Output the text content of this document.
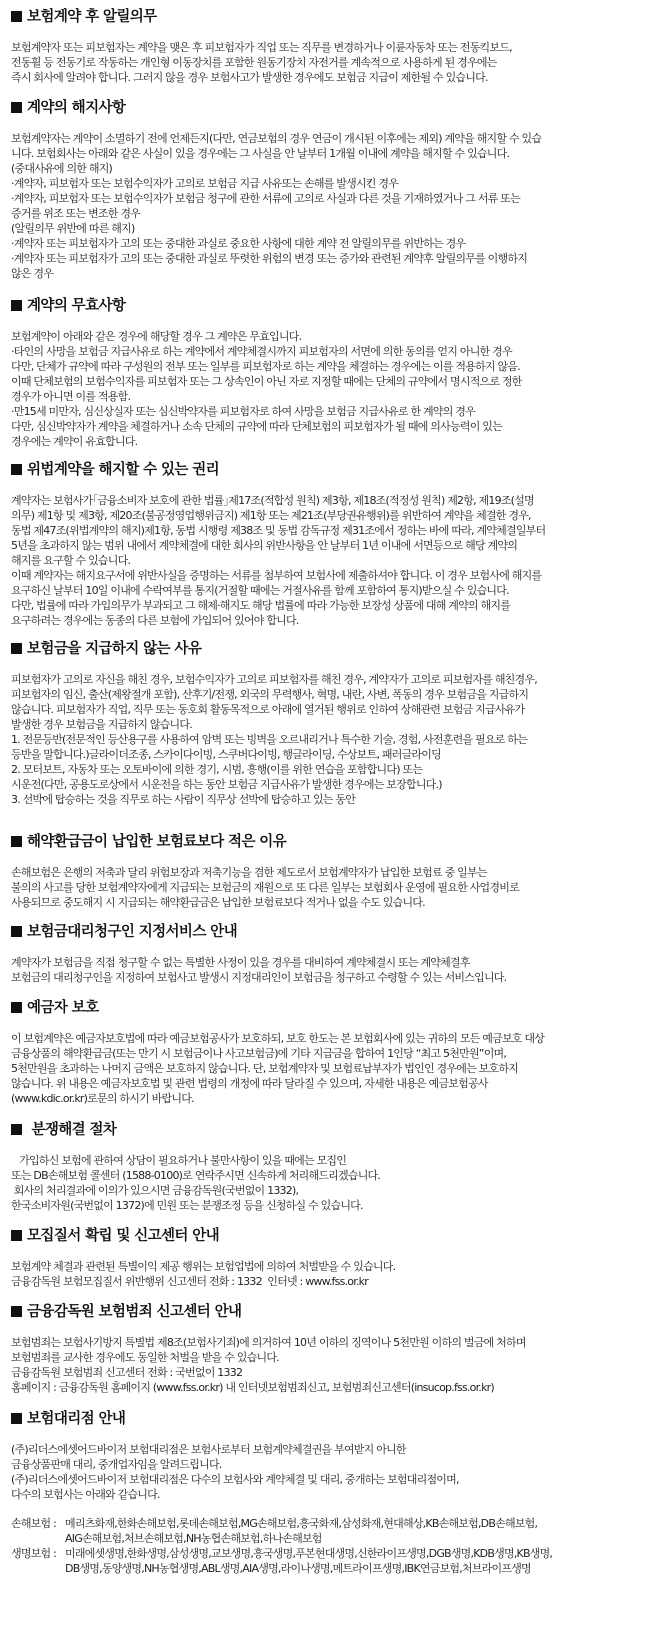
보험계약 후 알릴의무
보험계약자 또는 피보험자는 계약을 맺은 후 피보험자가 직업 또는 직무를 변경하거나 이륜자동차 또는 전동킥보드,
전동휠 등 전동기로 작동하는 개인형 이동장치를 포함한 원동기장치 자전거를 계속적으로 사용하게 된 경우에는
즉시 회사에 알려야 합니다. 그러지 않을 경우 보험사고가 발생한 경우에도 보험금 지급이 제한될 수 있습니다.
계약의 해지사항
보험계약자는 계약이 소멸하기 전에 언제든지(다만, 연금보험의 경우 연금이 개시된 이후에는 제외) 계약을 해지할 수 있습
니다. 보험회사는 아래와 같은 사실이 있을 경우에는 그 사실을 안 날부터 1개월 이내에 계약을 해지할 수 있습니다.
(중대사유에 의한 해지)
·계약자, 피보험자 또는 보험수익자가 고의로 보험금 지급 사유또는 손해를 발생시킨 경우
·계약자, 피보험자 또는 보험수익자가 보험금 청구에 관한 서류에 고의로 사실과 다른 것을 기재하였거나 그 서류 또는
증거를 위조 또는 변조한 경우
(알릴의무 위반에 따른 해지)
·계약자 또는 피보험자가 고의 또는 중대한 과실로 중요한 사항에 대한 계약 전 알릴의무를 위반하는 경우
·계약자 또는 피보험자가 고의 또는 중대한 과실로 뚜렷한 위험의 변경 또는 증가와 관련된 계약후 알릴의무를 이행하지
않은 경우
계약의 무효사항
보험계약이 아래와 같은 경우에 해당할 경우 그 계약은 무효입니다.
·타인의 사망을 보험금 지급사유로 하는 계약에서 계약체결시까지 피보험자의 서면에 의한 동의를 얻지 아니한 경우
다만, 단체가 규약에 따라 구성원의 전부 또는 일부를 피보험자로 하는 계약을 체결하는 경우에는 이를 적용하지 않음.
이때 단체보험의 보험수익자를 피보험자 또는 그 상속인이 아닌 자로 지정할 때에는 단체의 규약에서 명시적으로 정한
경우가 아니면 이를 적용함.
·만15세 미만자, 심신상실자 또는 심신박약자를 피보험자로 하여 사망을 보험금 지급사유로 한 계약의 경우
다만, 심신박약자가 계약을 체결하거나 소속 단체의 규약에 따라 단체보험의 피보험자가 될 때에 의사능력이 있는
경우에는 계약이 유효합니다.
위법계약을 해지할 수 있는 권리
계약자는 보험사가｢금융소비자 보호에 관한 법률｣제17조(적합성 원칙) 제3항, 제18조(적정성 원칙) 제2항, 제19조(설명
의무) 제1항 및 제3항, 제20조(불공정영업행위금지) 제1항 또는 제21조(부당권유행위)를 위반하여 계약을 체결한 경우,
동법 제47조(위법계약의 해지)제1항, 동법 시행령 제38조 및 동법 감독규정 제31조에서 정하는 바에 따라, 계약체결일부터
5년을 초과하지 않는 범위 내에서 계약체결에 대한 회사의 위반사항을 안 날부터 1년 이내에 서면등으로 해당 계약의
해지를 요구할 수 있습니다.
이때 계약자는 해지요구서에 위반사실을 증명하는 서류를 첨부하여 보험사에 제출하셔야 합니다. 이 경우 보험사에 해지를
요구하신 날부터 10일 이내에 수락여부를 통지(거절할 때에는 거절사유를 함께 포함하여 통지)받으실 수 있습니다.
다만, 법률에 따라 가입의무가 부과되고 그 해제·해지도 해당 법률에 따라 가능한 보장성 상품에 대해 계약의 해지를
요구하려는 경우에는 동종의 다른 보험에 가입되어 있어야 합니다.
보험금을 지급하지 않는 사유
피보험자가 고의로 자신을 해친 경우, 보험수익자가 고의로 피보험자를 해친 경우, 계약자가 고의로 피보험자를 해친경우,
피보험자의 임신, 출산(제왕절개 포함), 산후기/전쟁, 외국의 무력행사, 혁명, 내란, 사변, 폭동의 경우 보험금을 지급하지
않습니다. 피보험자가 직업, 직무 또는 동호회 활동목적으로 아래에 열거된 행위로 인하여 상해관련 보험금 지급사유가
발생한 경우 보험금을 지급하지 않습니다.
1. 전문등반(전문적인 등산용구를 사용하여 암벽 또는 빙벽을 오르내리거나 특수한 기술, 경험, 사전훈련을 필요로 하는
등반을 말합니다.)글라이더조종, 스카이다이빙, 스쿠버다이빙, 행글라이딩, 수상보트, 패러글라이딩
2. 모터보트, 자동차 또는 오토바이에 의한 경기, 시범, 흥행(이를 위한 연습을 포함합니다) 또는
시운전(다만, 공용도로상에서 시운전을 하는 동안 보험금 지급사유가 발생한 경우에는 보장합니다.)
3. 선박에 탑승하는 것을 직무로 하는 사람이 직무상 선박에 탑승하고 있는 동안
해약환급금이 납입한 보험료보다 적은 이유
손해보험은 은행의 저축과 달리 위험보장과 저축기능을 겸한 제도로서 보험계약자가 납입한 보험료 중 일부는
불의의 사고를 당한 보험계약자에게 지급되는 보험금의 재원으로 또 다른 일부는 보험회사 운영에 필요한 사업경비로
사용되므로 중도해지 시 지급되는 해약환급금은 납입한 보험료보다 적거나 없을 수도 있습니다.
보험금대리청구인 지정서비스 안내
계약자가 보험금을 직접 청구할 수 없는 특별한 사정이 있을 경우를 대비하여 계약체결시 또는 계약체결후
보험금의 대리청구인을 지정하여 보험사고 발생시 지정대리인이 보험금을 청구하고 수령할 수 있는 서비스입니다.
예금자 보호
이 보험계약은 예금자보호법에 따라 예금보험공사가 보호하되, 보호 한도는 본 보험회사에 있는 귀하의 모든 예금보호 대상
금융상품의 해약환급금(또는 만기 시 보험금이나 사고보험금)에 기타 지급금을 합하여 1인당 “최고 5천만원”이며,
5천만원을 초과하는 나머지 금액은 보호하지 않습니다. 단, 보험계약자 및 보험료납부자가 법인인 경우에는 보호하지
않습니다. 위 내용은 예금자보호법 및 관련 법령의 개정에 따라 달라질 수 있으며, 자세한 내용은 예금보험공사
(www.kdic.or.kr)로문의 하시기 바랍니다.
분쟁해결 절차
가입하신 보험에 관하여 상담이 필요하거나 불만사항이 있을 때에는 모집인
또는 DB손해보험 콜센터 (1588-0100)로 연락주시면 신속하게 처리해드리겠습니다.
회사의 처리결과에 이의가 있으시면 금융감독원(국번없이 1332),
한국소비자원(국번없이 1372)에 민원 또는 분쟁조정 등을 신청하실 수 있습니다.
모집질서 확립 및 신고센터 안내
보험계약 체결과 관련된 특별이익 제공 행위는 보험업법에 의하여 처벌받을 수 있습니다.
금융감독원 보험모집질서 위반행위 신고센터 전화 : 1332  인터넷 : www.fss.or.kr
금융감독원 보험범죄 신고센터 안내
보험범죄는 보험사기방지 특별법 제8조(보험사기죄)에 의거하여 10년 이하의 징역이나 5천만원 이하의 벌금에 처하며
보험범죄를 교사한 경우에도 동일한 처벌을 받을 수 있습니다.
금융감독원 보험범죄 신고센터 전화 : 국번없이 1332
홈페이지 : 금융감독원 홈페이지 (www.fss.or.kr) 내 인터넷보험범죄신고, 보험범죄신고센터(insucop.fss.or.kr)
보험대리점 안내
(주)리더스에셋어드바이저 보험대리점은 보험사로부터 보험계약체결권을 부여받지 아니한
금융상품판매 대리, 중개업자임을 알려드립니다.
(주)리더스에셋어드바이저 보험대리점은 다수의 보험사와 계약체결 및 대리, 중개하는 보험대리점이며,
다수의 보험사는 아래와 같습니다.
손해보험 : 메리츠화재,한화손해보험,롯데손해보험,MG손해보험,흥국화재,삼성화재,현대해상,KB손해보험,DB손해보험,
AIG손해보험,처브손해보험,NH농협손해보험,하나손해보험
생명보험 : 미래에셋생명,한화생명,삼성생명,교보생명,흥국생명,푸본현대생명,신한라이프생명,DGB생명,KDB생명,KB생명,
DB생명,동양생명,NH농협생명,ABL생명,AIA생명,라이나생명,메트라이프생명,IBK연금보험,처브라이프생명
